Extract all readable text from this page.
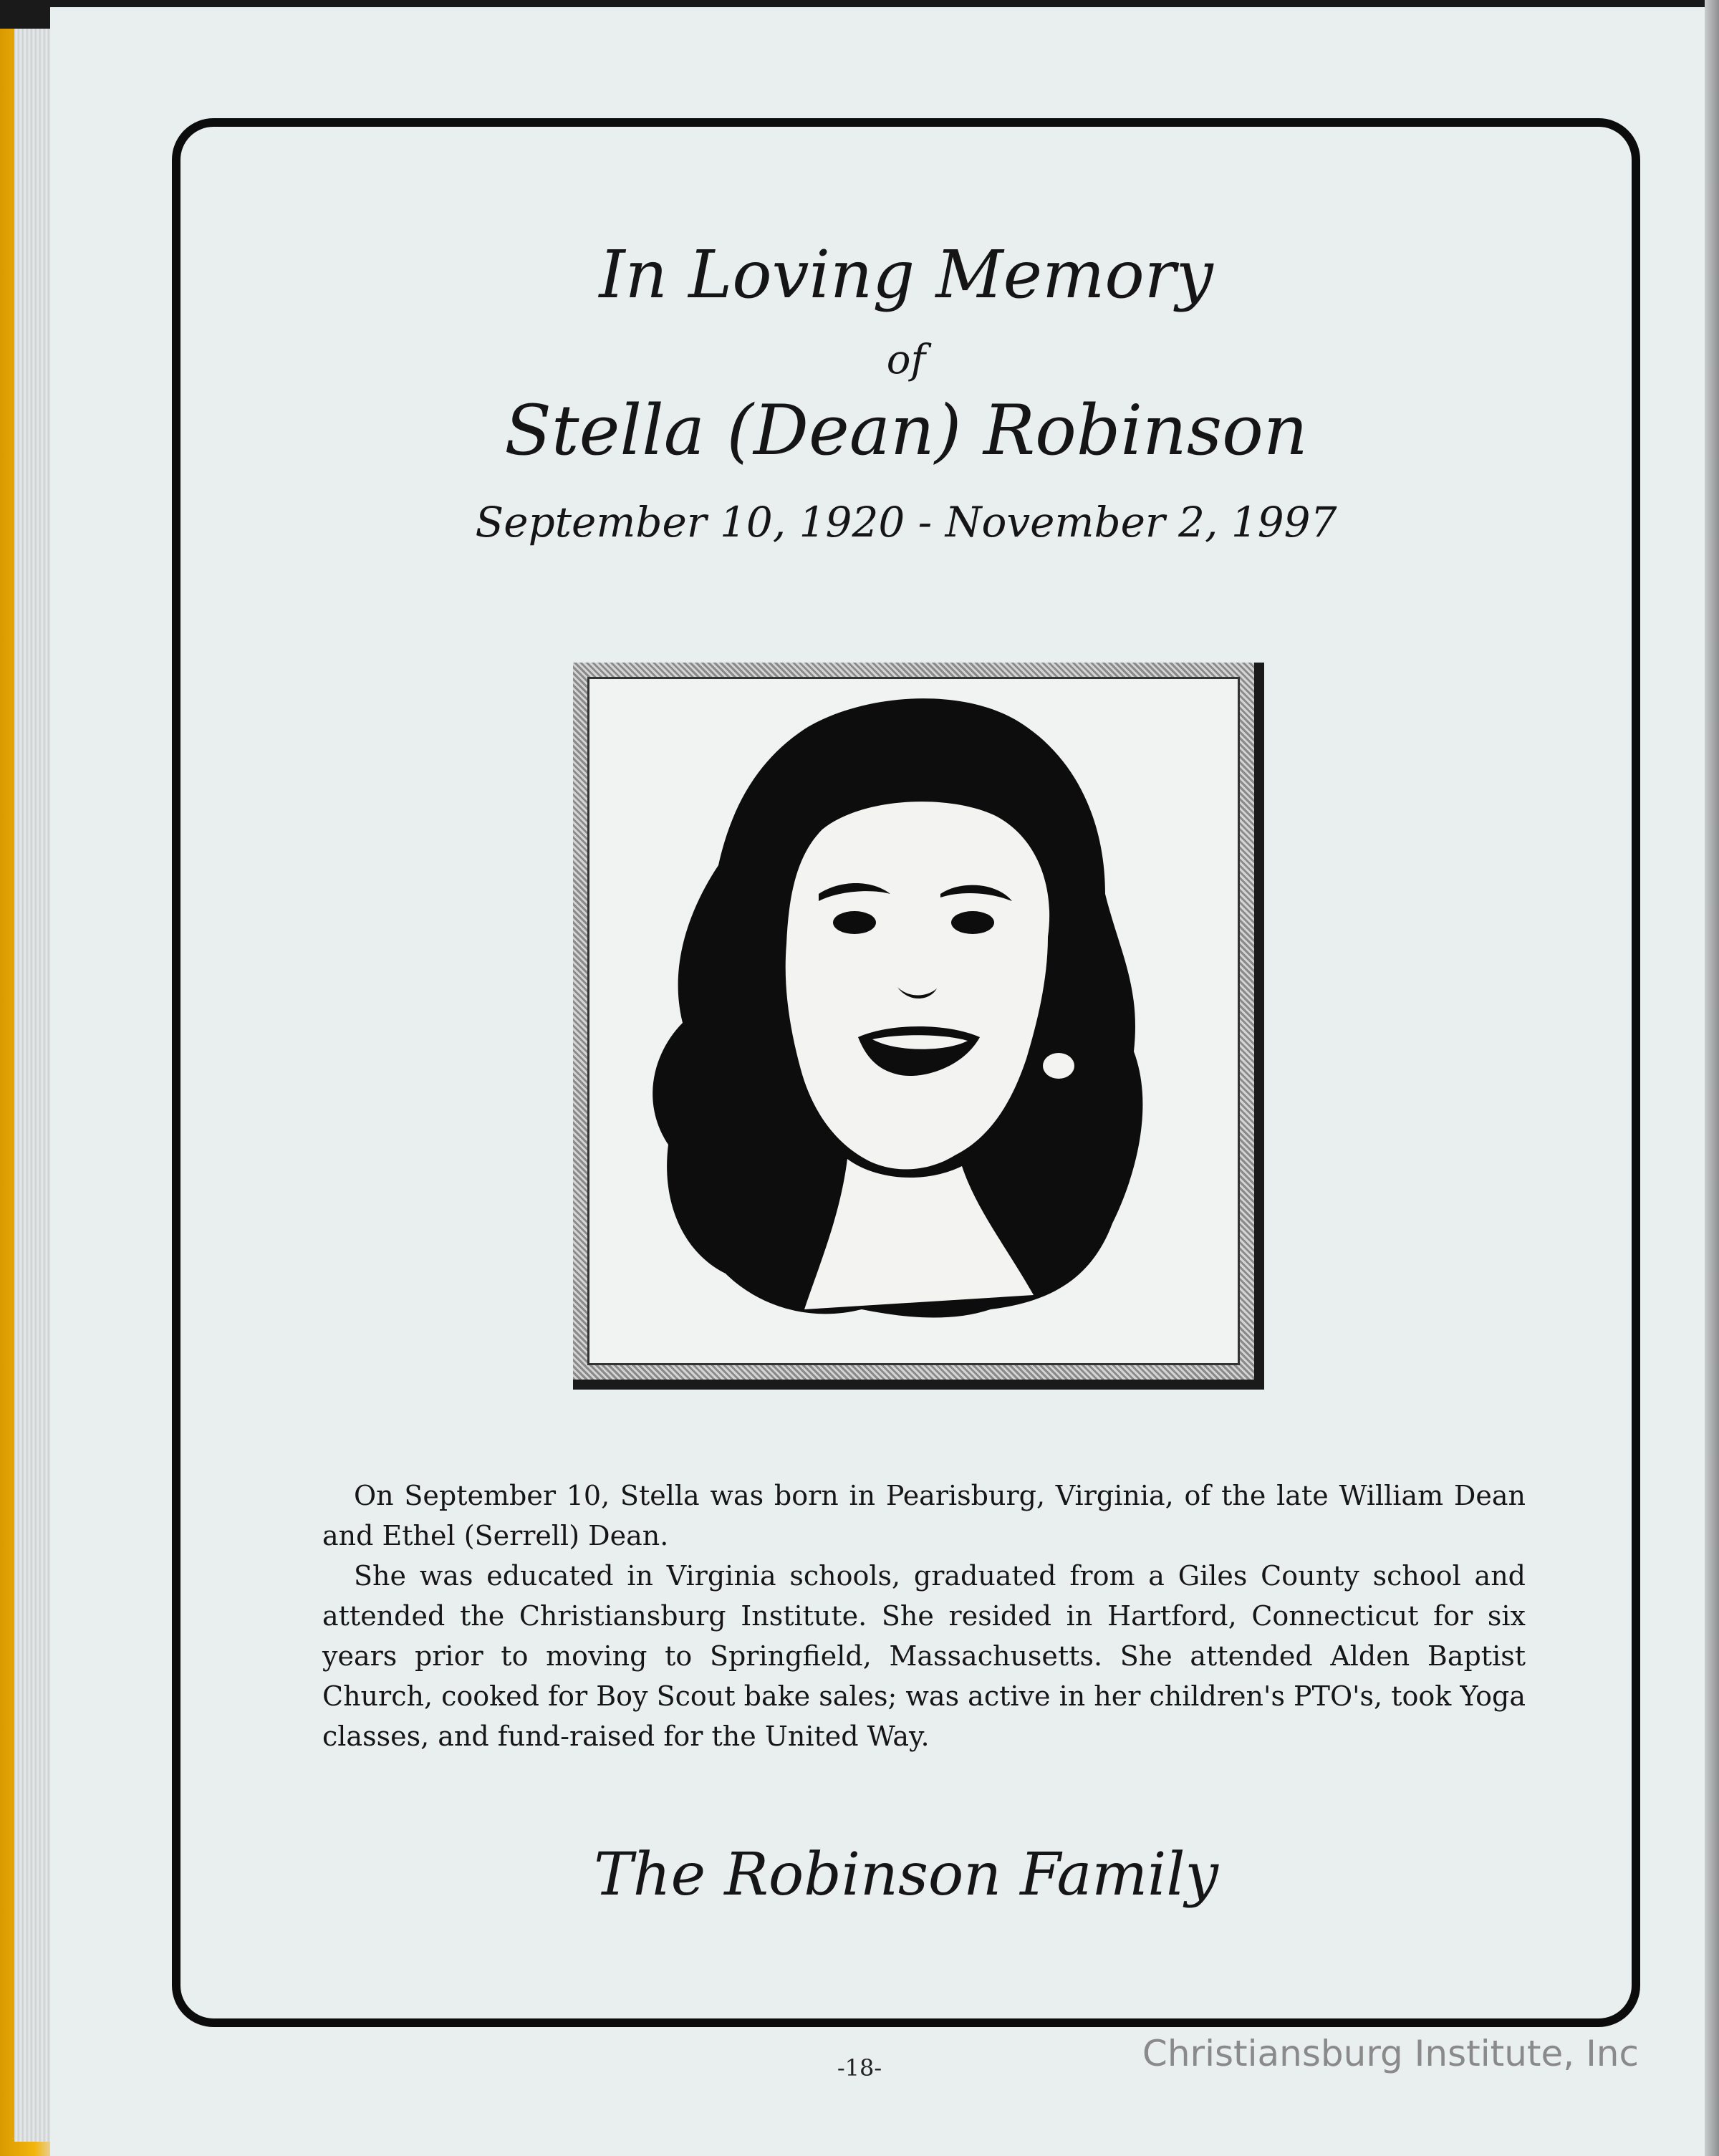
In Loving Memory
of
Stella (Dean) Robinson
September 10, 1920 - November 2, 1997

On September 10, Stella was born in Pearisburg, Virginia, of the late William Dean and Ethel (Serrell) Dean.

She was educated in Virginia schools, graduated from a Giles County school and attended the Christiansburg Institute. She resided in Hartford, Connecticut for six years prior to moving to Springfield, Massachusetts. She attended Alden Baptist Church, cooked for Boy Scout bake sales; was active in her children's PTO's, took Yoga classes, and fund-raised for the United Way.

The Robinson Family
-18-	Christiansburg Institute, Inc
